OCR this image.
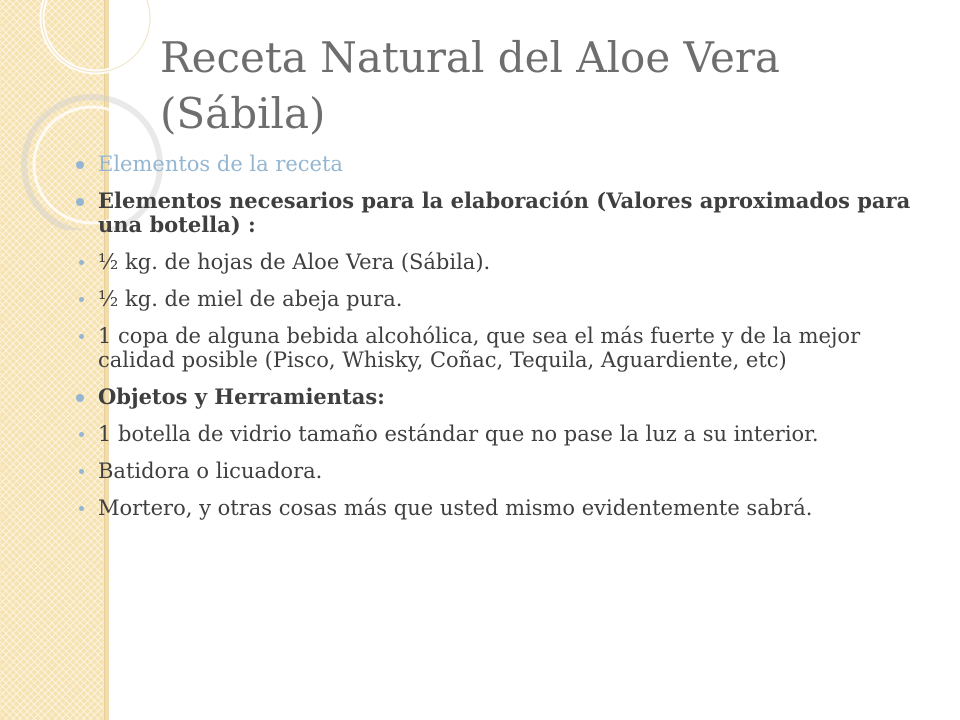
Receta Natural del Aloe Vera (Sábila)
Elementos de la receta
Elementos necesarios para la elaboración (Valores aproximados para una botella) :
½ kg. de hojas de Aloe Vera (Sábila).
½ kg. de miel de abeja pura.
1 copa de alguna bebida alcohólica, que sea el más fuerte y de la mejor calidad posible (Pisco, Whisky, Coñac, Tequila, Aguardiente, etc)
Objetos y Herramientas:
1 botella de vidrio tamaño estándar que no pase la luz a su interior.
Batidora o licuadora.
Mortero, y otras cosas más que usted mismo evidentemente sabrá.
